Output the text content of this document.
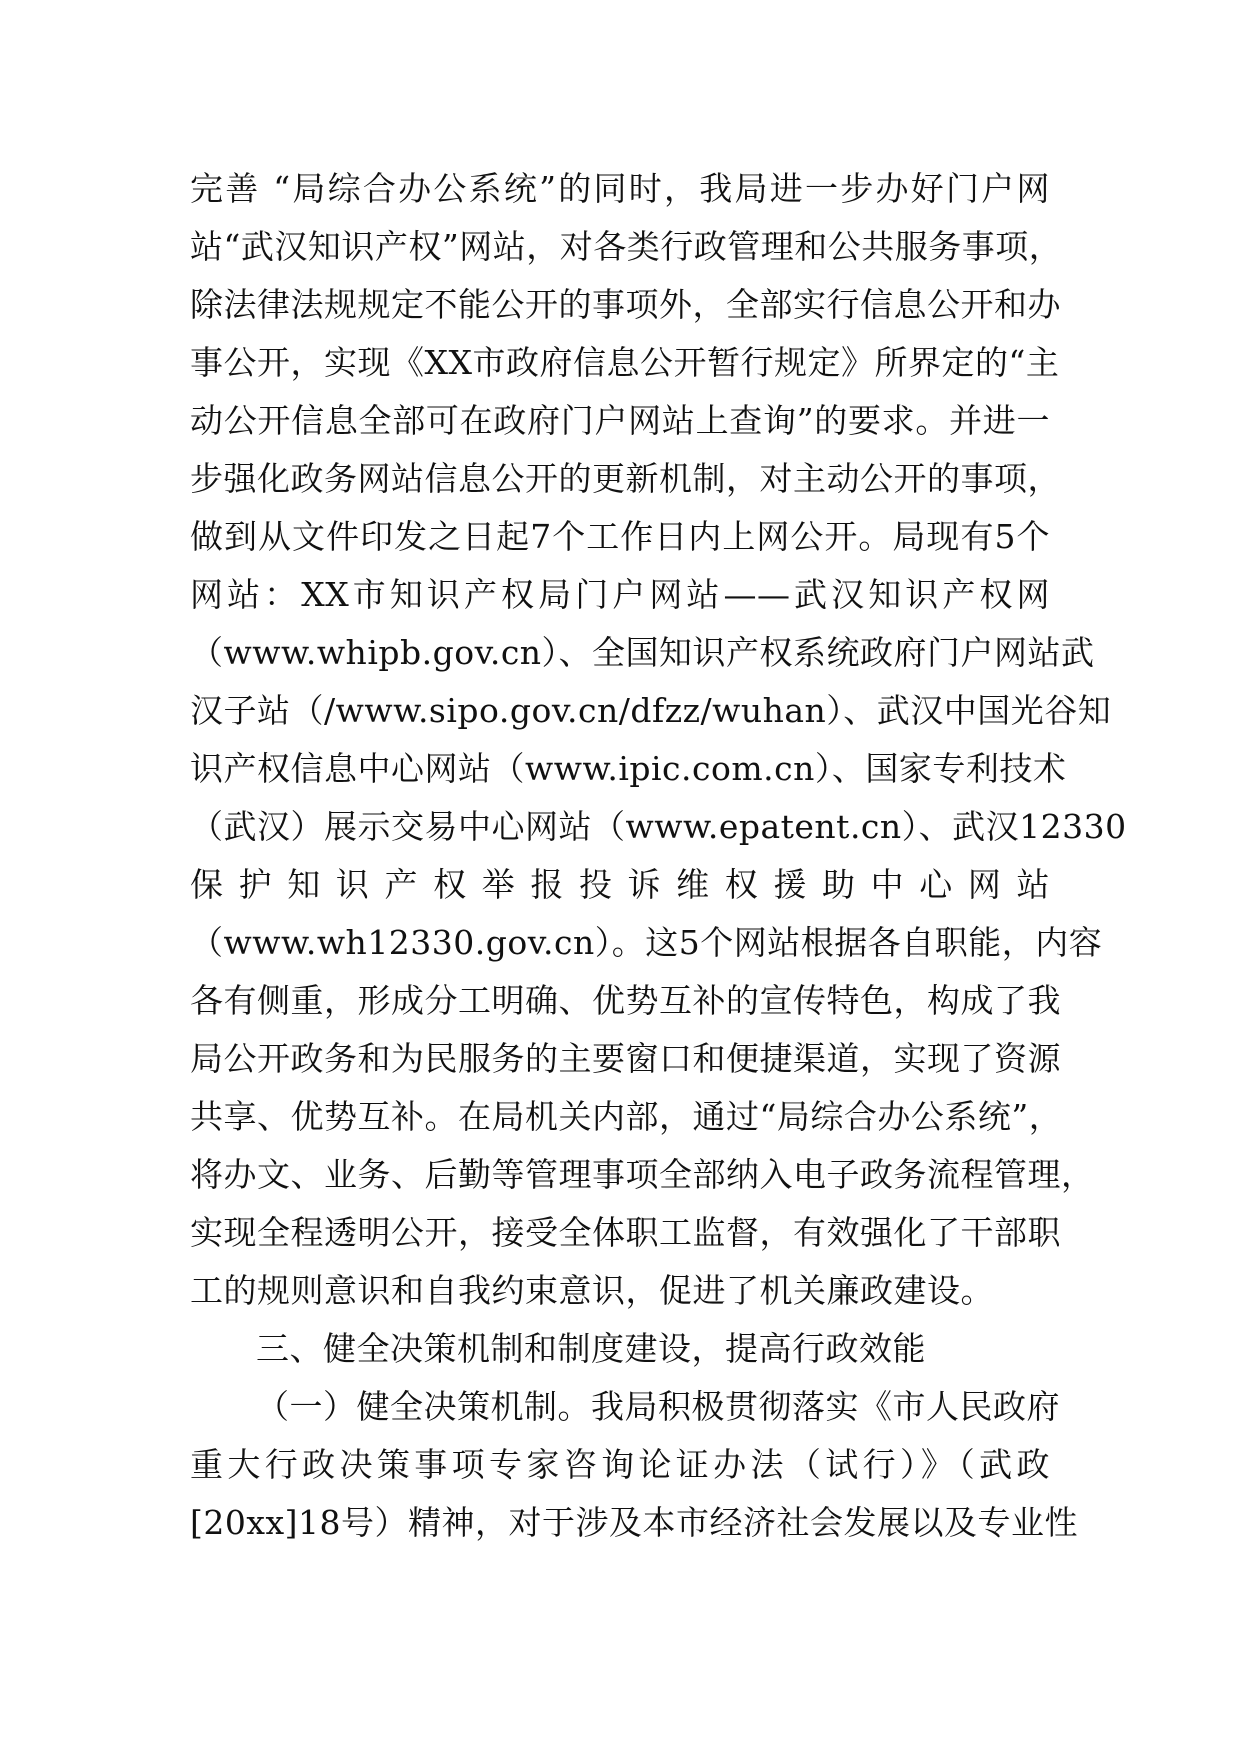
完善 “局综合办公系统”的同时，我局进一步办好门户网
站“武汉知识产权”网站，对各类行政管理和公共服务事项，
除法律法规规定不能公开的事项外，全部实行信息公开和办
事公开，实现《XX市政府信息公开暂行规定》所界定的“主
动公开信息全部可在政府门户网站上查询”的要求。并进一
步强化政务网站信息公开的更新机制，对主动公开的事项，
做到从文件印发之日起7个工作日内上网公开。局现有5个
网站：XX市知识产权局门户网站——武汉知识产权网
（www.whipb.gov.cn）、全国知识产权系统政府门户网站武
汉子站（/www.sipo.gov.cn/dfzz/wuhan）、武汉中国光谷知
识产权信息中心网站（www.ipic.com.cn）、国家专利技术
（武汉）展示交易中心网站（www.epatent.cn）、武汉12330
保护知识产权举报投诉维权援助中心网站
（www.wh12330.gov.cn）。这5个网站根据各自职能，内容
各有侧重，形成分工明确、优势互补的宣传特色，构成了我
局公开政务和为民服务的主要窗口和便捷渠道，实现了资源
共享、优势互补。在局机关内部，通过“局综合办公系统”，
将办文、业务、后勤等管理事项全部纳入电子政务流程管理，
实现全程透明公开，接受全体职工监督，有效强化了干部职
工的规则意识和自我约束意识，促进了机关廉政建设。
三、健全决策机制和制度建设，提高行政效能
（一）健全决策机制。我局积极贯彻落实《市人民政府
重大行政决策事项专家咨询论证办法（试行）》（武政
[20xx]18号）精神，对于涉及本市经济社会发展以及专业性
